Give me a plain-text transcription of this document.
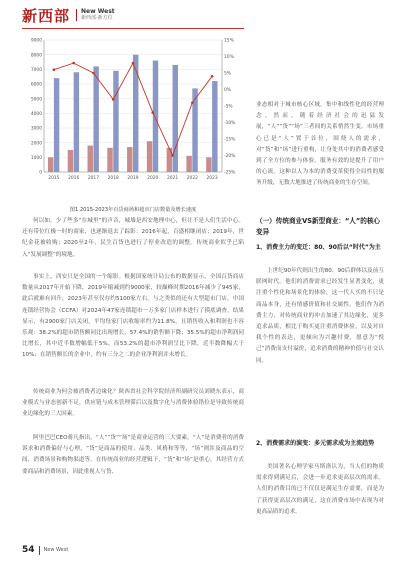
新西部 New West
新西部·新方位
0
1000
2000
3000
4000
5000
6000
7000
8000
9000	15%
10%
5%
0%
-5%
-10%
-15%
-20%
-25%
2015 2016 2017 2018 2019 2020 2021 2022 2023
图1 2015-2023年百货商场和超市门店数量及增长速度

何以如，少了些多“在城里”的声音，城墙是西安地理中心，但让不是人们生活中心。还有带位红极一时的商家，也逐渐退去了踪影：2016年起，百盛相继闭店；2019年，世纪金花被收购；2020至2年，民生百货也进行了停业改造的调整。传统商业似乎已陷入“发展调整”的境地。

事实上，西安只是全国的一个缩影。根据国家统计局公布的数据显示，全国百货商店数量从2017年开始下降，2019年缩减到约9000家，较巅峰时期2016年减少了945家，此后就难有回升，2023年甚至仅存约5100家左右。与之类似的还有大型超市门店，中国连锁经营协会（CCFA）对2024年47家连锁超市一万多家门店样本进行了摸底调查，结果显示，有2900家门店关闭，平均每家门店收缩率约为11.8%，且销售收入和利润也不容乐观：38.2%的超市销售额同比出现增长，57.4%的销售额下降；35.5%的超市净利润同比增长，其中近半数增幅低于5%，而53.2%的超市净利润呈比下降，近半数降幅大于10%；在销售额长的企业中，约有三分之二的企业净利润并未增长。

传统商业为何会被消费者边缘化？陕西省社会科学院经济所副研究员刘晓东表示，商业模式与业态创新不足，供应链与成本管理滞后以及数字化与消费体验错位是导致传统商业边缘化的三大因素。

阿里巴巴CEO蒋凡指出，“人”“货”“场”是商业运营的三大要素。“人”是消费者的消费诉求和消费偏好与心理，“货”是商品的使用、品类、风格和等等，“场”则涉及商品的空间、消费场景和购物渠道等。在传统商业的经营逻辑下，“货”和“场”是重心，其经营方式要商品和消费场景，因此重视人与货、

业态相对于城市核心区域，集中和线性化的经营理念。然而，随着经济社会的迅猛发展，“人”“货”“场”三者间的关系悄然生变。市场重心已是“人”置于首位，围绕人的需求，对“货”和“场”进行重构，让身处其中的消费者感受到了全方位的参与体验。服务有效的是提升了用户的心流。这种以人为本的消费变革使得全局性的服务升级，无数大地推进了传统商业的生存空间。

（一）传统商业VS新型商业：“人”的核心变异
1、消费主力的变迁：80、90后以“时代”为主

上世纪90年代则出生的80、90后群体以及前互联网时代。他们的消费需求已经发生显著变化，更注重个性化和场景化的体验，这一代人买的不只是商品本身，还有情感价值和社交属性。他们作为消费主力，对传统商业的冲击加速了其边缘化，更多追求品质，相比于购买更注重消费体验，以及对自我个性的表达，更倾向为兴趣付费，愿意为“悦己”消费而支付溢价，追求消费的精神价值与社交认同。

2、消费需求的演变：多元需求成为主流趋势

美国著名心理学家马斯洛认为，当人们的物质需求得到满足后，会进一步追求更高层次的需求。人们的消费目的已不仅仅是满足生存需要，而是为了获得更高层次的满足，这在消费市场中表现为对更高品质的追求。

54 New West
